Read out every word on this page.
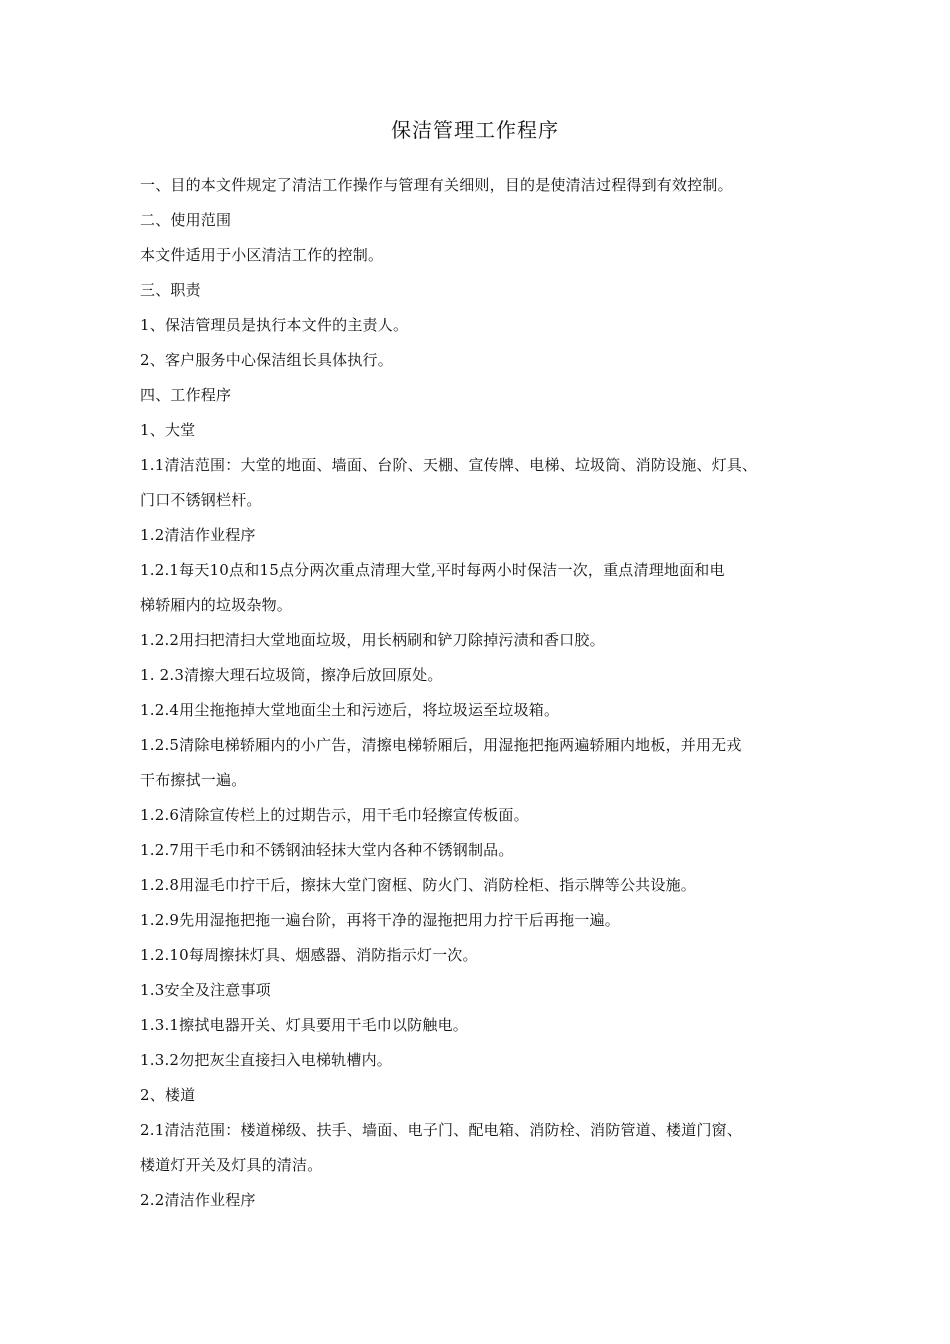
保洁管理工作程序

一、目的本文件规定了清洁工作操作与管理有关细则，目的是使清洁过程得到有效控制。

二、使用范围

本文件适用于小区清洁工作的控制。

三、职责

1、保洁管理员是执行本文件的主责人。

2、客户服务中心保洁组长具体执行。

四、工作程序

1、大堂

1.1清洁范围：大堂的地面、墙面、台阶、天棚、宣传牌、电梯、垃圾筒、消防设施、灯具、

门口不锈钢栏杆。

1.2清洁作业程序

1.2.1每天10点和15点分两次重点清理大堂,平时每两小时保洁一次，重点清理地面和电

梯轿厢内的垃圾杂物。

1.2.2用扫把清扫大堂地面垃圾，用长柄刷和铲刀除掉污渍和香口胶。

1. 2.3清擦大理石垃圾筒，擦净后放回原处。

1.2.4用尘拖拖掉大堂地面尘土和污迹后，将垃圾运至垃圾箱。

1.2.5清除电梯轿厢内的小广告，清擦电梯轿厢后，用湿拖把拖两遍轿厢内地板，并用无戎

干布擦拭一遍。

1.2.6清除宣传栏上的过期告示，用干毛巾轻擦宣传板面。

1.2.7用干毛巾和不锈钢油轻抹大堂内各种不锈钢制品。

1.2.8用湿毛巾拧干后，擦抹大堂门窗框、防火门、消防栓柜、指示牌等公共设施。

1.2.9先用湿拖把拖一遍台阶，再将干净的湿拖把用力拧干后再拖一遍。

1.2.10每周擦抹灯具、烟感器、消防指示灯一次。

1.3安全及注意事项

1.3.1擦拭电器开关、灯具要用干毛巾以防触电。

1.3.2勿把灰尘直接扫入电梯轨槽内。

2、楼道

2.1清洁范围：楼道梯级、扶手、墙面、电子门、配电箱、消防栓、消防管道、楼道门窗、

楼道灯开关及灯具的清洁。

2.2清洁作业程序
